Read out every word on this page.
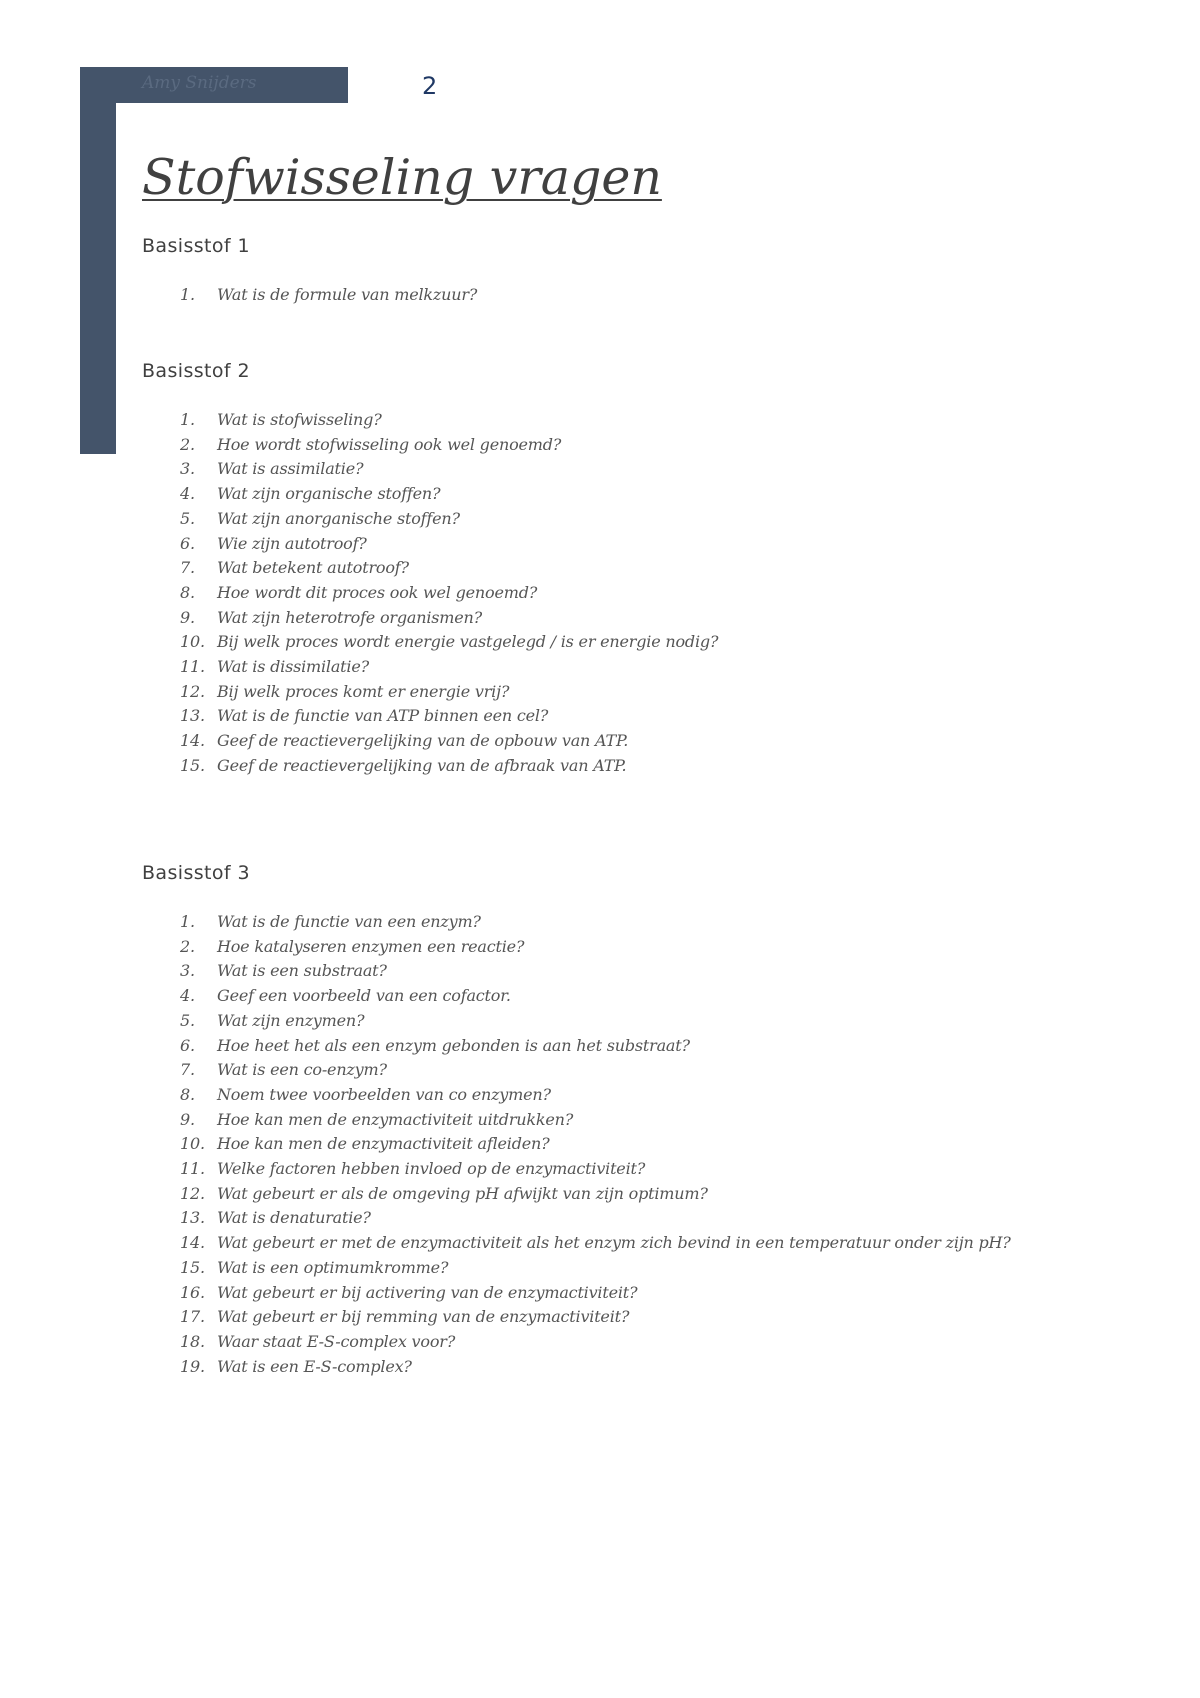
Amy Snijders	2
Stofwisseling vragen
Basisstof 1
1. Wat is de formule van melkzuur?
Basisstof 2
1. Wat is stofwisseling?
2. Hoe wordt stofwisseling ook wel genoemd?
3. Wat is assimilatie?
4. Wat zijn organische stoffen?
5. Wat zijn anorganische stoffen?
6. Wie zijn autotroof?
7. Wat betekent autotroof?
8. Hoe wordt dit proces ook wel genoemd?
9. Wat zijn heterotrofe organismen?
10. Bij welk proces wordt energie vastgelegd / is er energie nodig?
11. Wat is dissimilatie?
12. Bij welk proces komt er energie vrij?
13. Wat is de functie van ATP binnen een cel?
14. Geef de reactievergelijking van de opbouw van ATP.
15. Geef de reactievergelijking van de afbraak van ATP.
Basisstof 3
1. Wat is de functie van een enzym?
2. Hoe katalyseren enzymen een reactie?
3. Wat is een substraat?
4. Geef een voorbeeld van een cofactor.
5. Wat zijn enzymen?
6. Hoe heet het als een enzym gebonden is aan het substraat?
7. Wat is een co-enzym?
8. Noem twee voorbeelden van co enzymen?
9. Hoe kan men de enzymactiviteit uitdrukken?
10. Hoe kan men de enzymactiviteit afleiden?
11. Welke factoren hebben invloed op de enzymactiviteit?
12. Wat gebeurt er als de omgeving pH afwijkt van zijn optimum?
13. Wat is denaturatie?
14. Wat gebeurt er met de enzymactiviteit als het enzym zich bevind in een temperatuur onder zijn pH?
15. Wat is een optimumkromme?
16. Wat gebeurt er bij activering van de enzymactiviteit?
17. Wat gebeurt er bij remming van de enzymactiviteit?
18. Waar staat E-S-complex voor?
19. Wat is een E-S-complex?
